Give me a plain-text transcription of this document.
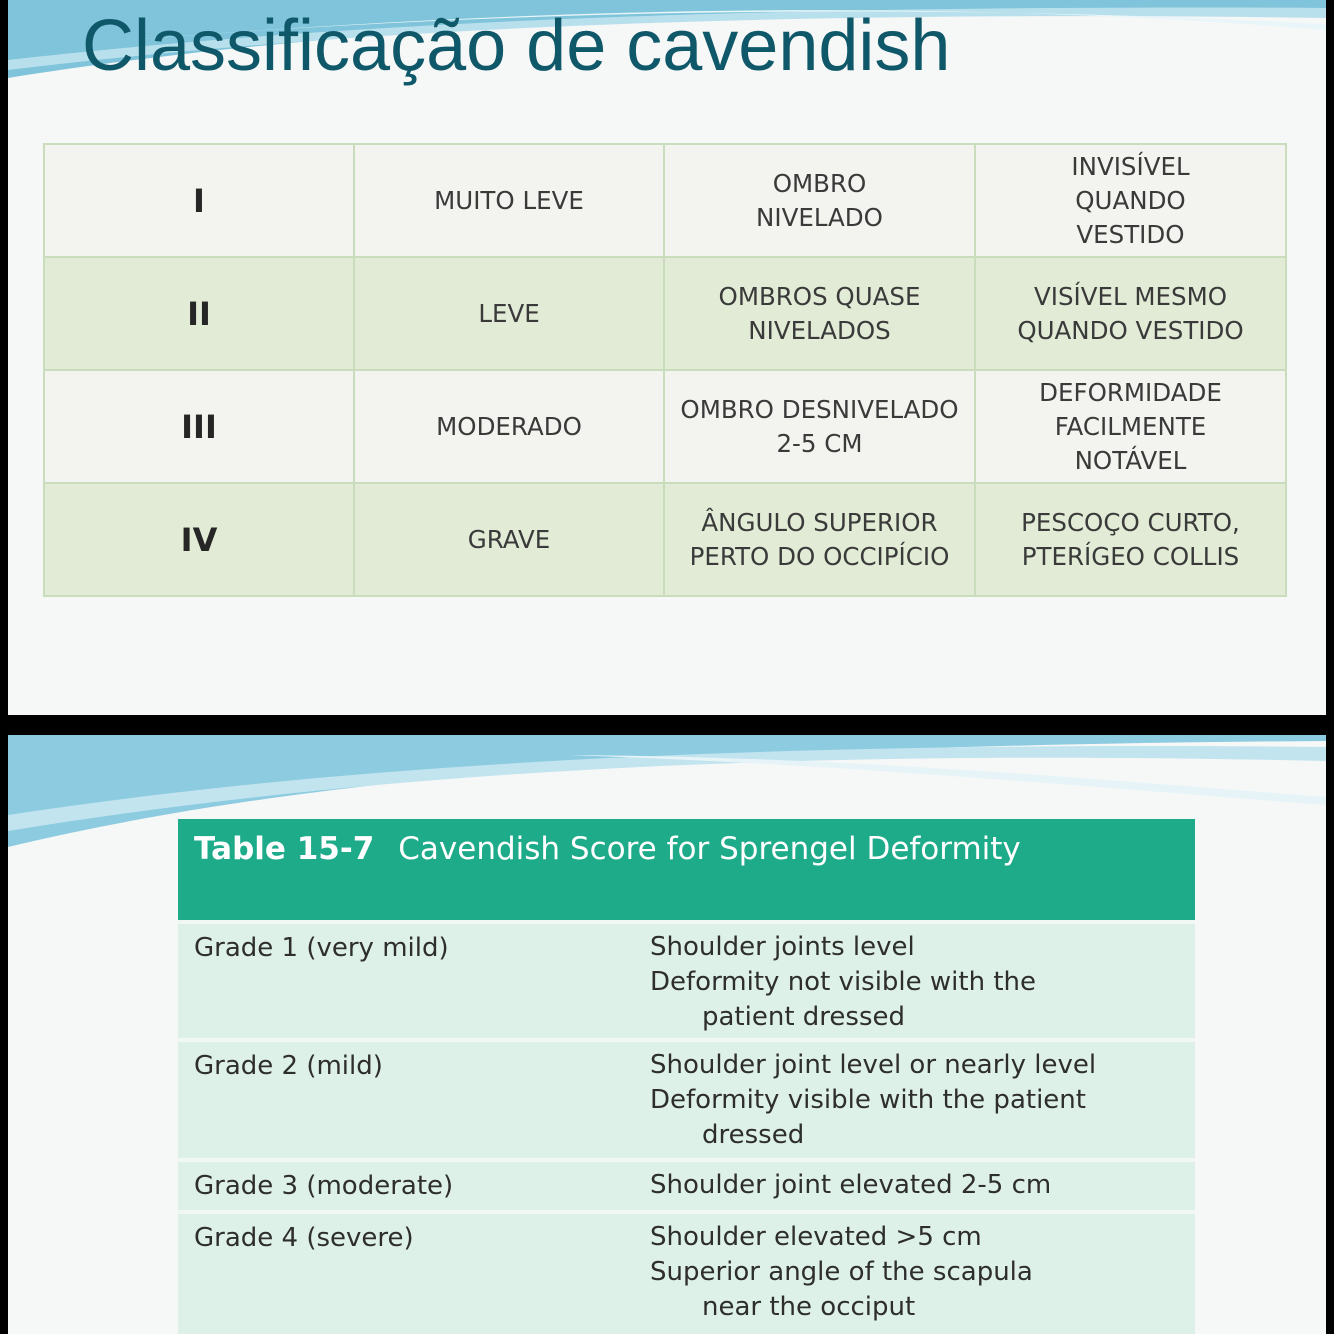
Classificação de cavendish
I	MUITO LEVE	OMBRO NIVELADO	INVISÍVEL QUANDO VESTIDO
II	LEVE	OMBROS QUASE NIVELADOS	VISÍVEL MESMO QUANDO VESTIDO
III	MODERADO	OMBRO DESNIVELADO 2-5 CM	DEFORMIDADE FACILMENTE NOTÁVEL
IV	GRAVE	ÂNGULO SUPERIOR PERTO DO OCCIPÍCIO	PESCOÇO CURTO, PTERÍGEO COLLIS
Table 15-7 Cavendish Score for Sprengel Deformity
Grade 1 (very mild)	Shoulder joints level
Deformity not visible with the
patient dressed
Grade 2 (mild)	Shoulder joint level or nearly level
Deformity visible with the patient
dressed
Grade 3 (moderate)	Shoulder joint elevated 2-5 cm
Grade 4 (severe)	Shoulder elevated >5 cm
Superior angle of the scapula
near the occiput
